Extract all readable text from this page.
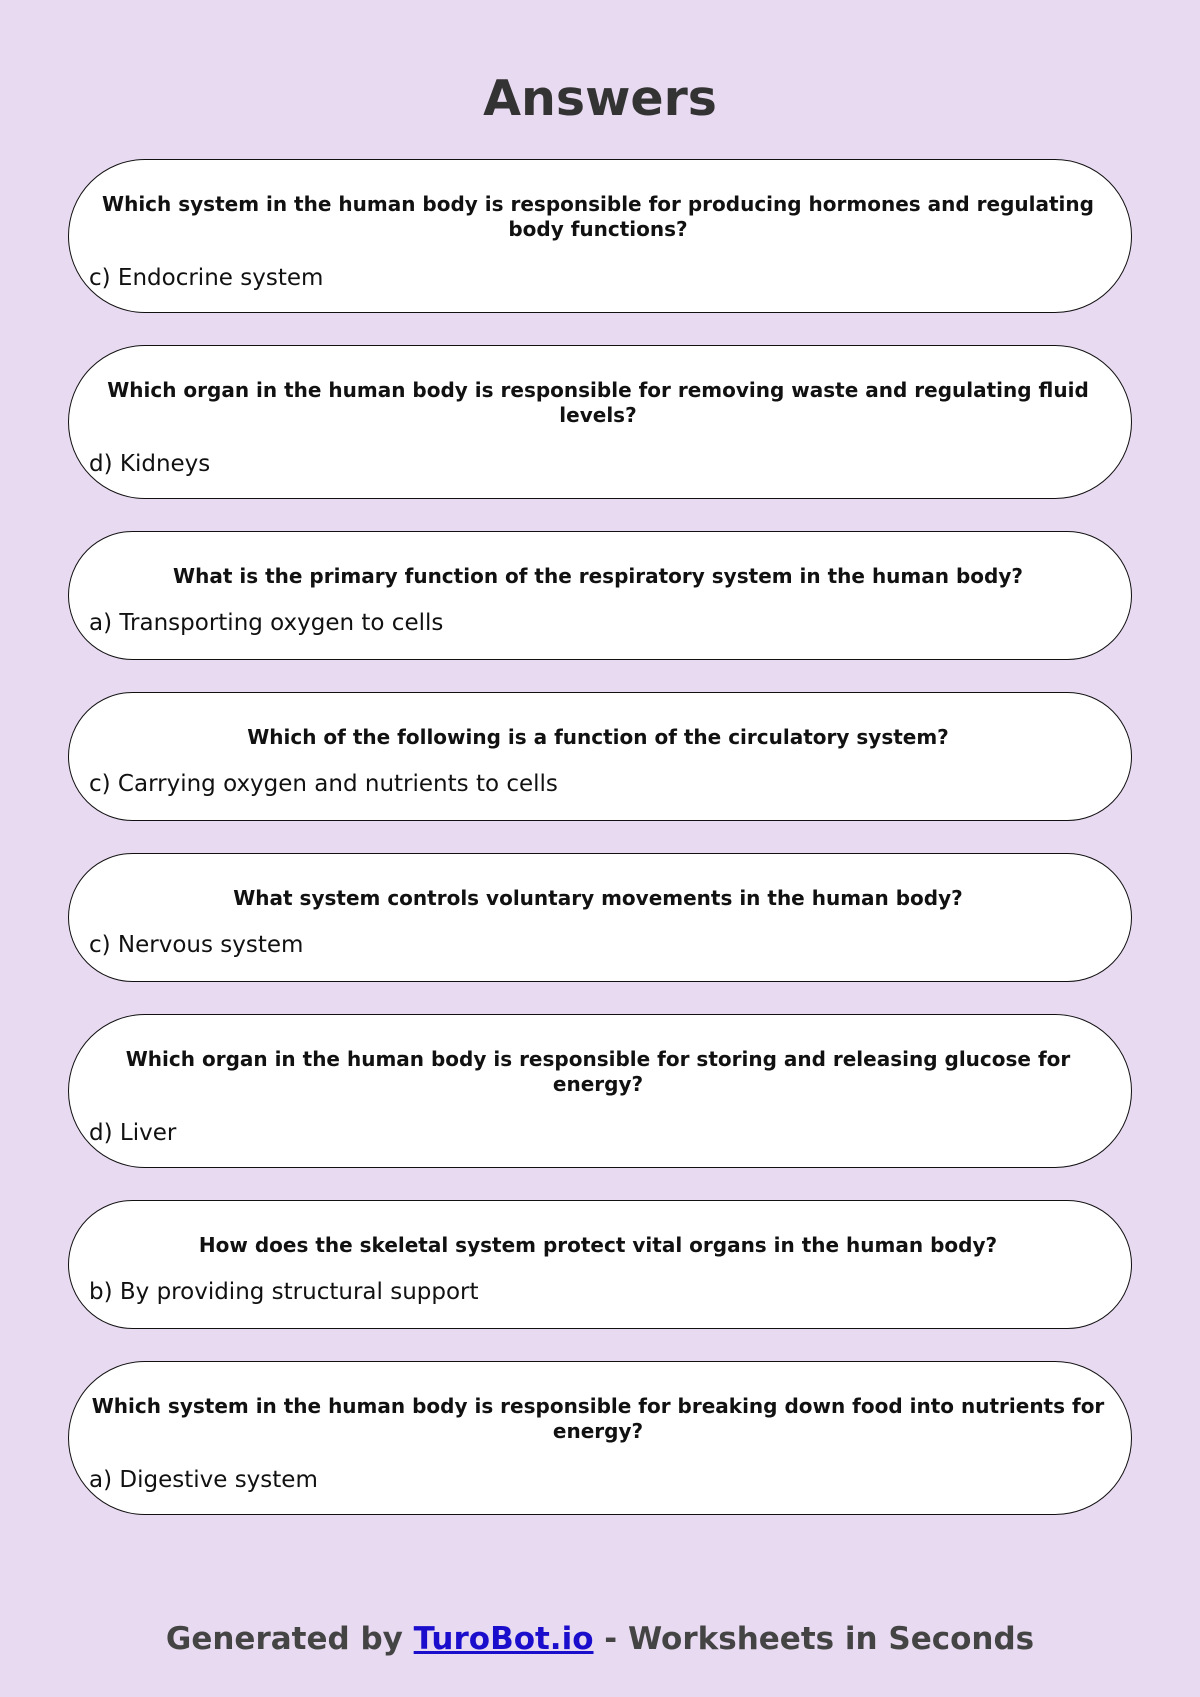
Answers
Which system in the human body is responsible for producing hormones and regulating body functions?
c) Endocrine system
Which organ in the human body is responsible for removing waste and regulating fluid levels?
d) Kidneys
What is the primary function of the respiratory system in the human body?
a) Transporting oxygen to cells
Which of the following is a function of the circulatory system?
c) Carrying oxygen and nutrients to cells
What system controls voluntary movements in the human body?
c) Nervous system
Which organ in the human body is responsible for storing and releasing glucose for energy?
d) Liver
How does the skeletal system protect vital organs in the human body?
b) By providing structural support
Which system in the human body is responsible for breaking down food into nutrients for energy?
a) Digestive system
Generated by TuroBot.io - Worksheets in Seconds
